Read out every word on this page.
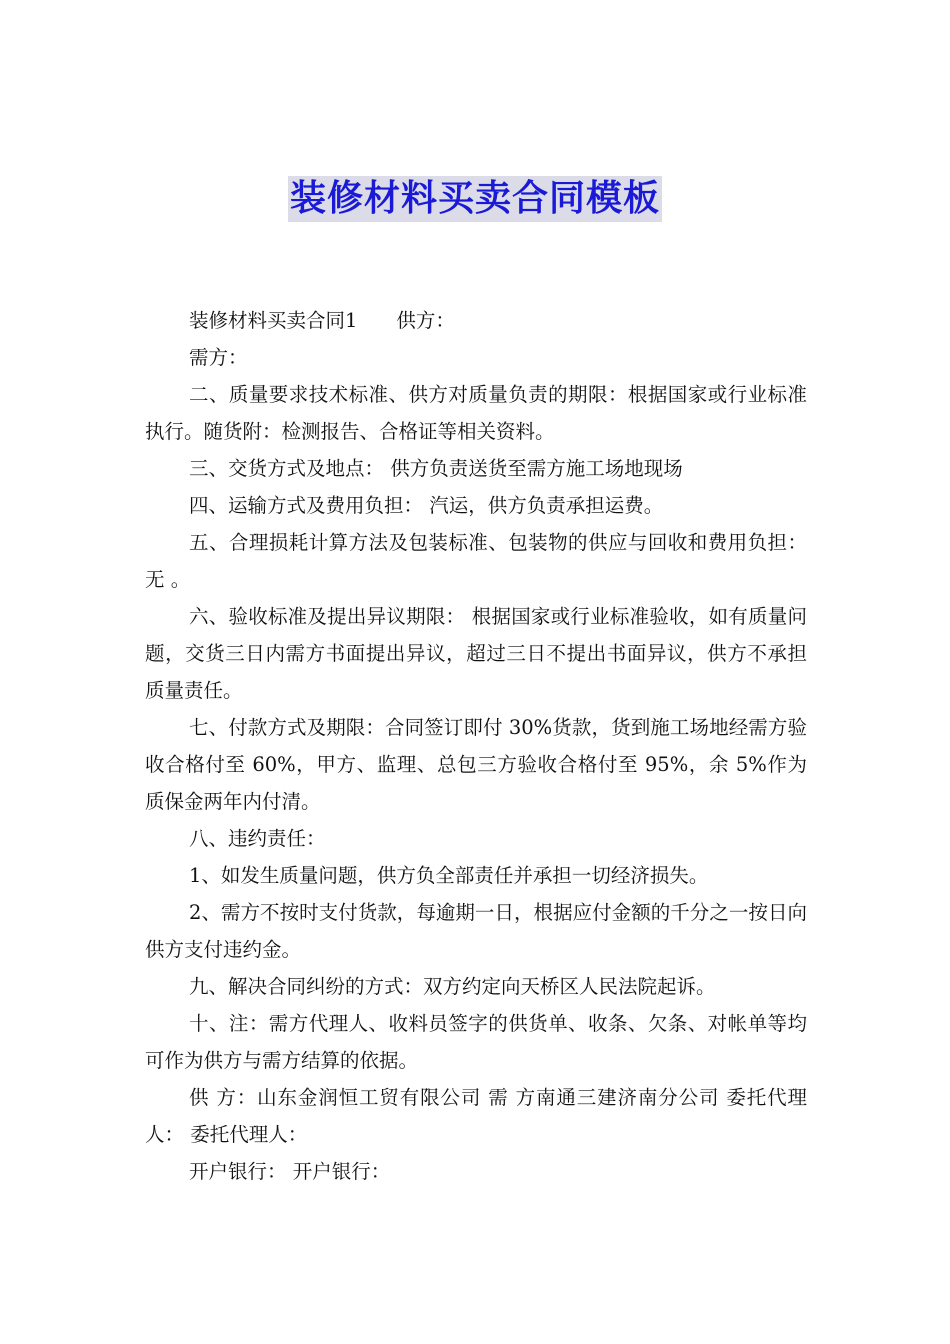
装修材料买卖合同模板

装修材料买卖合同1　　供方：

需方：

二、质量要求技术标准、供方对质量负责的期限：根据国家或行业标准执行。随货附：检测报告、合格证等相关资料。

三、交货方式及地点： 供方负责送货至需方施工场地现场

四、运输方式及费用负担： 汽运，供方负责承担运费。

五、合理损耗计算方法及包装标准、包装物的供应与回收和费用负担： 无 。

六、验收标准及提出异议期限： 根据国家或行业标准验收，如有质量问题，交货三日内需方书面提出异议，超过三日不提出书面异议，供方不承担质量责任。

七、付款方式及期限：合同签订即付 30%货款，货到施工场地经需方验收合格付至 60%，甲方、监理、总包三方验收合格付至 95%，余 5%作为质保金两年内付清。

八、违约责任：

1、如发生质量问题，供方负全部责任并承担一切经济损失。

2、需方不按时支付货款，每逾期一日，根据应付金额的千分之一按日向供方支付违约金。

九、解决合同纠纷的方式：双方约定向天桥区人民法院起诉。

十、注：需方代理人、收料员签字的供货单、收条、欠条、对帐单等均可作为供方与需方结算的依据。

供 方：山东金润恒工贸有限公司 需 方南通三建济南分公司 委托代理人： 委托代理人：

开户银行： 开户银行：
